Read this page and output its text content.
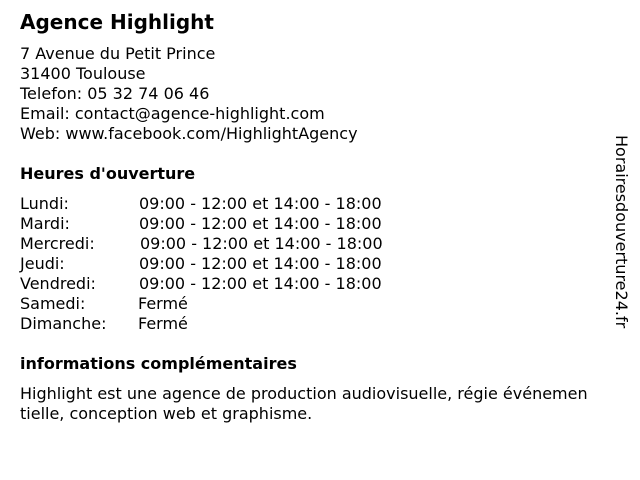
Agence Highlight
7 Avenue du Petit Prince
31400 Toulouse
Telefon: 05 32 74 06 46
Email: contact@agence-highlight.com
Web: www.facebook.com/HighlightAgency
Heures d'ouverture
Lundi:	09:00 - 12:00 et 14:00 - 18:00
Mardi:	09:00 - 12:00 et 14:00 - 18:00
Mercredi:	09:00 - 12:00 et 14:00 - 18:00
Jeudi:	09:00 - 12:00 et 14:00 - 18:00
Vendredi:	09:00 - 12:00 et 14:00 - 18:00
Samedi:	Fermé
Dimanche: Fermé
informations complémentaires
Highlight est une agence de production audiovisuelle, régie événemen
tielle, conception web et graphisme.
Horairesdouverture24.fr
